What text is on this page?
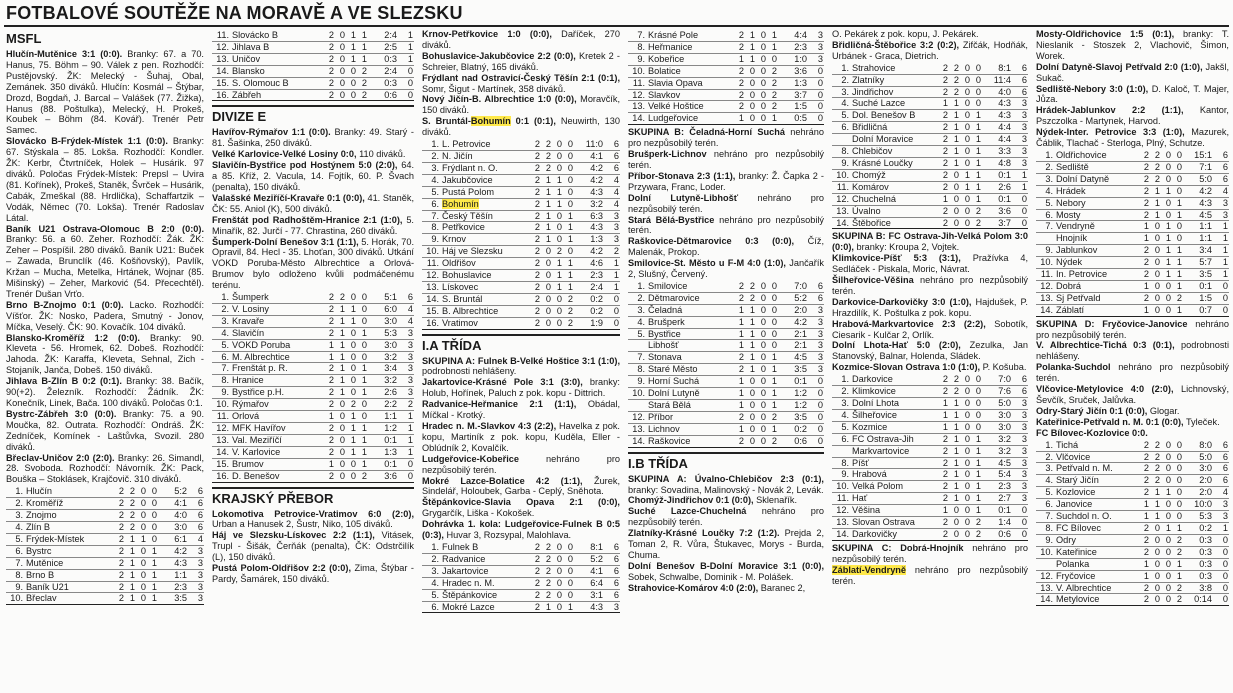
FOTBALOVÉ SOUTĚŽE NA MORAVĚ A VE SLEZSKU
MSFL

Hlučín-Mutěnice 3:1 (0:0). Branky: 67. a 70. Hanus, 75. Böhm – 90. Válek z pen. Rozhodčí: Pustějovský. ŽK: Melecký - Šuhaj, Obal, Zemánek. 350 diváků. Hlučín: Kosmál – Štýbar, Drozd, Bogdaň, J. Barcal – Valášek (77. Žižka), Hanus (88. Poštulka), Melecký, H. Prokeš, Koubek – Böhm (84. Kovář). Trenér Petr Samec.

Slovácko B-Frýdek-Místek 1:1 (0:0). Branky: 67. Stýskala – 85. Lokša. Rozhodčí: Kondler. ŽK: Kerbr, Čtvrtníček, Holek – Husárik. 97 diváků. Poločas Frýdek-Místek: Prepsl – Uvira (81. Kořínek), Prokeš, Staněk, Švrček – Husárik, Cabák, Zmeškal (88. Hrdlička), Schaffartzik – Vodák, Němec (70. Lokša). Trenér Radoslav Látal.

Baník U21 Ostrava-Olomouc B 2:0 (0:0). Branky: 56. a 60. Zeher. Rozhodčí: Žák. ŽK: Zeher – Pospíšil. 280 diváků. Baník U21: Buček – Zawada, Brunclík (46. Košňovský), Pavlík, Kržan – Mucha, Metelka, Hrtánek, Wojnar (85. Mišinský) – Zeher, Marković (54. Přecechtěl). Trenér Dušan Vrťo.

Brno B-Znojmo 0:1 (0:0). Lacko. Rozhodčí: Víšťor. ŽK: Nosko, Padera, Smutný - Jonov, Míčka, Veselý. ČK: 90. Kovačík. 104 diváků.

Blansko-Kroměříž 1:2 (0:0). Branky: 90. Kleveta - 56. Hromek, 62. Dobeš. Rozhodčí: Jahoda. ŽK: Karaffa, Kleveta, Sehnal, Zich - Stojaník, Janča, Dobeš. 150 diváků.

Jihlava B-Zlín B 0:2 (0:1). Branky: 38. Bačík, 90(+2). Železník. Rozhodčí: Žádník. ŽK: Konečník, Linek, Bača. 100 diváků. Poločas 0:1.

Bystrc-Zábřeh 3:0 (0:0). Branky: 75. a 90. Moučka, 82. Outrata. Rozhodčí: Ondráš. ŽK: Zedníček, Komínek - Laštůvka, Svozil. 280 diváků.

Břeclav-Uničov 2:0 (2:0). Branky: 26. Simandl, 28. Svoboda. Rozhodčí: Návorník. ŽK: Pack, Bouška – Stoklásek, Krajčovič. 310 diváků.

1.	Hlučín	2	2	0	0	5:2	6
2.	Kroměříž	2	2	0	0	4:1	6
3.	Znojmo	2	2	0	0	4:0	6
4.	Zlín B	2	2	0	0	3:0	6
5.	Frýdek-Místek	2	1	1	0	6:1	4
6.	Bystrc	2	1	0	1	4:2	3
7.	Mutěnice	2	1	0	1	4:3	3
8.	Brno B	2	1	0	1	1:1	3
9.	Baník U21	2	1	0	1	2:3	3
10.	Břeclav	2	1	0	1	3:5	3
11.	Slovácko B	2	0	1	1	2:4	1
12.	Jihlava B	2	0	1	1	2:5	1
13.	Uničov	2	0	1	1	0:3	1
14.	Blansko	2	0	0	2	2:4	0
15.	S. Olomouc B	2	0	0	2	0:3	0
16.	Zábřeh	2	0	0	2	0:6	0
DIVIZE E

Havířov-Rýmařov 1:1 (0:0). Branky: 49. Starý - 81. Šašinka, 250 diváků.

Velké Karlovice-Velké Losiny 0:0, 110 diváků.

Slavičín-Bystřice pod Hostýnem 5:0 (2:0), 64. a 85. Kříž, 2. Vacula, 14. Fojtík, 60. P. Švach (penalta), 150 diváků.

Valašské Meziříčí-Kravaře 0:1 (0:0), 41. Staněk, ČK: 55. Aniol (K), 500 diváků.

Frenštát pod Radhoštěm-Hranice 2:1 (1:0), 5. Minařík, 82. Jurčí - 77. Chrastina, 260 diváků.

Šumperk-Dolní Benešov 3:1 (1:1), 5. Horák, 70. Opravil, 84. Hecl - 35. Lhoťan, 300 diváků. Utkání VOKD Poruba-Město Albrechtice a Orlová-Brumov bylo odloženo kvůli podmáčenému terénu.

1.	Šumperk	2	2	0	0	5:1	6
2.	V. Losiny	2	1	1	0	6:0	4
3.	Kravaře	2	1	1	0	3:0	4
4.	Slavičín	2	1	0	1	5:3	3
5.	VOKD Poruba	1	1	0	0	3:0	3
6.	M. Albrechtice	1	1	0	0	3:2	3
7.	Frenštát p. R.	2	1	0	1	3:4	3
8.	Hranice	2	1	0	1	3:2	3
9.	Bystřice p.H.	2	1	0	1	2:6	3
10.	Rýmařov	2	0	2	0	2:2	2
11.	Orlová	1	0	1	0	1:1	1
12.	MFK Havířov	2	0	1	1	1:2	1
13.	Val. Meziříčí	2	0	1	1	0:1	1
14.	V. Karlovice	2	0	1	1	1:3	1
15.	Brumov	1	0	0	1	0:1	0
16.	D. Benešov	2	0	0	2	3:6	0
KRAJSKÝ PŘEBOR

Lokomotiva Petrovice-Vratimov 6:0 (2:0), Urban a Hanusek 2, Šustr, Niko, 105 diváků.

Háj ve Slezsku-Lískovec 2:2 (1:1), Vitásek, Trupl - Šišák, Čerňák (penalta), ČK: Odstrčilík (L), 150 diváků.

Pustá Polom-Oldřišov 2:2 (0:0), Zima, Štýbar - Pardy, Šamárek, 150 diváků.

Krnov-Petřkovice 1:0 (0:0), Daříček, 270 diváků.

Bohuslavice-Jakubčovice 2:2 (0:0), Kretek 2 - Schreier, Blatný, 165 diváků.

Frýdlant nad Ostravicí-Český Těšín 2:1 (0:1), Somr, Šigut - Martínek, 358 diváků.

Nový Jičín-B. Albrechtice 1:0 (0:0), Moravčík, 150 diváků.

S. Bruntál-Bohumín 0:1 (0:1), Neuwirth, 130 diváků.

1.	L. Petrovice	2	2	0	0	11:0	6
2.	N. Jičín	2	2	0	0	4:1	6
3.	Frýdlant n. O.	2	2	0	0	4:2	6
4.	Jakubčovice	2	1	1	0	4:2	4
5.	Pustá Polom	2	1	1	0	4:3	4
6.	Bohumín	2	1	1	0	3:2	4
7.	Český Těšín	2	1	0	1	6:3	3
8.	Petřkovice	2	1	0	1	4:3	3
9.	Krnov	2	1	0	1	1:3	3
10.	Háj ve Slezsku	2	0	2	0	4:2	2
11.	Oldřišov	2	0	1	1	4:6	1
12.	Bohuslavice	2	0	1	1	2:3	1
13.	Lískovec	2	0	1	1	2:4	1
14.	S. Bruntál	2	0	0	2	0:2	0
15.	B. Albrechtice	2	0	0	2	0:2	0
16.	Vratimov	2	0	0	2	1:9	0
I.A TŘÍDA

SKUPINA A: Fulnek B-Velké Hoštice 3:1 (1:0), podrobnosti nehlášeny.

Jakartovice-Krásné Pole 3:1 (3:0), branky: Holub, Hořínek, Paluch z pok. kopu - Dittrich.

Radvanice-Heřmanice 2:1 (1:1), Obádal, Míčkal - Krotký.

Hradec n. M.-Slavkov 4:3 (2:2), Havelka z pok. kopu, Martiník z pok. kopu, Kudělа, Eller - Oblúdník 2, Kovalčík.

Ludgeřovice-Kobeřice nehráno pro nezpůsobilý terén.

Mokré Lazce-Bolatice 4:2 (1:1), Žurek, Sindelář, Holoubek, Garba - Ceplý, Sněhota.

Štěpánkovice-Slavia Opava 2:1 (0:0), Grygarčík, Liška - Kokošek.

Dohrávka 1. kola: Ludgeřovice-Fulnek B 0:5 (0:3), Huvar 3, Rozsypal, Malohlava.

1.	Fulnek B	2	2	0	0	8:1	6
2.	Radvanice	2	2	0	0	5:2	6
3.	Jakartovice	2	2	0	0	4:1	6
4.	Hradec n. M.	2	2	0	0	6:4	6
5.	Štěpánkovice	2	2	0	0	3:1	6
6.	Mokré Lazce	2	1	0	1	4:3	3
7.	Krásné Pole	2	1	0	1	4:4	3
8.	Heřmanice	2	1	0	1	2:3	3
9.	Kobeřice	1	1	0	0	1:0	3
10.	Bolatice	2	0	0	2	3:6	0
11.	Slavia Opava	2	0	0	2	1:3	0
12.	Slavkov	2	0	0	2	3:7	0
13.	Velké Hoštice	2	0	0	2	1:5	0
14.	Ludgeřovice	1	0	0	1	0:5	0

SKUPINA B: Čeladná-Horní Suchá nehráno pro nezpůsobilý terén.

Brušperk-Lichnov nehráno pro nezpůsobilý terén.

Příbor-Stonava 2:3 (1:1), branky: Ž. Čapka 2 - Przywara, Franc, Loder.

Dolní Lutyně-Libhošť nehráno pro nezpůsobilý terén.

Stará Bělá-Bystřice nehráno pro nezpůsobilý terén.

Raškovice-Dětmarovice 0:3 (0:0), Číž, Malenák, Prokop.

Smilovice-St. Město u F-M 4:0 (1:0), Jančařík 2, Slušný, Červený.

1.	Smilovice	2	2	0	0	7:0	6
2.	Dětmarovice	2	2	0	0	5:2	6
3.	Čeladná	1	1	0	0	2:0	3
4.	Brušperk	1	1	0	0	4:2	3
5.	Bystřice	1	1	0	0	2:1	3
	Libhošť	1	1	0	0	2:1	3
7.	Stonava	2	1	0	1	4:5	3
8.	Staré Město	2	1	0	1	3:5	3
9.	Horní Suchá	1	0	0	1	0:1	0
10.	Dolní Lutyně	1	0	0	1	1:2	0
	Stará Bělá	1	0	0	1	1:2	0
12.	Příbor	2	0	0	2	3:5	0
13.	Lichnov	1	0	0	1	0:2	0
14.	Raškovice	2	0	0	2	0:6	0
I.B TŘÍDA

SKUPINA A: Úvalno-Chlebičov 2:3 (0:1), branky: Sovadina, Malinovský - Novák 2, Levák.

Chomýž-Jindřichov 0:1 (0:0), Sklenařík.

Suché Lazce-Chuchelná nehráno pro nezpůsobilý terén.

Zlatníky-Krásné Loučky 7:2 (1:2). Prejda 2, Toman 2, R. Vůra, Štukavec, Morys - Burda, Chuma.

Dolní Benešov B-Dolní Moravice 3:1 (0:0), Sobek, Schwalbe, Dominik - M. Polášek.

Strahovice-Komárov 4:0 (2:0), Baranec 2,

O. Pekárek z pok. kopu, J. Pekárek.

Břidličná-Štěbořice 3:2 (0:2), Zifčák, Hodňák, Urbánek - Graca, Dietrich.

1.	Strahovice	2	2	0	0	8:1	6
2.	Zlatníky	2	2	0	0	11:4	6
3.	Jindřichov	2	2	0	0	4:0	6
4.	Suché Lazce	1	1	0	0	4:3	3
5.	Dol. Benešov B	2	1	0	1	4:3	3
6.	Břidličná	2	1	0	1	4:4	3
	Dolní Moravice	2	1	0	1	4:4	3
8.	Chlebičov	2	1	0	1	3:3	3
9.	Krásné Loučky	2	1	0	1	4:8	3
10.	Chomýž	2	0	1	1	0:1	1
11.	Komárov	2	0	1	1	2:6	1
12.	Chuchelná	1	0	0	1	0:1	0
13.	Úvalno	2	0	0	2	3:6	0
14.	Štěbořice	2	0	0	2	3:7	0

SKUPINA B: FC Ostrava-Jih-Velká Polom 3:0 (0:0), branky: Kroupa 2, Vojtek.

Klimkovice-Píšť 5:3 (3:1), Pražívka 4, Sedláček - Piskala, Moric, Návrat.

Šilheřovice-Věšina nehráno pro nezpůsobilý terén.

Darkovice-Darkovičky 3:0 (1:0), Hajdušek, P. Hrazdilík, K. Poštulka z pok. kopu.

Hrabová-Markvartovice 2:3 (2:2), Sobotík, Ciesarik - Kulčar 2, Orlík.

Dolní Lhota-Hať 5:0 (2:0), Zezulka, Jan Stanovský, Balnar, Holenda, Sládek.

Kozmice-Slovan Ostrava 1:0 (1:0), P. Košuba.

1.	Darkovice	2	2	0	0	7:0	6
2.	Klimkovice	2	2	0	0	7:6	6
3.	Dolní Lhota	1	1	0	0	5:0	3
4.	Šilheřovice	1	1	0	0	3:0	3
5.	Kozmice	1	1	0	0	3:0	3
6.	FC Ostrava-Jih	2	1	0	1	3:2	3
	Markvartovice	2	1	0	1	3:2	3
8.	Píšť	2	1	0	1	4:5	3
9.	Hrabová	2	1	0	1	5:4	3
10.	Velká Polom	2	1	0	1	2:3	3
11.	Hať	2	1	0	1	2:7	3
12.	Věšina	1	0	0	1	0:1	0
13.	Slovan Ostrava	2	0	0	2	1:4	0
14.	Darkovičky	2	0	0	2	0:6	0

SKUPINA C: Dobrá-Hnojník nehráno pro nezpůsobilý terén.

Záblatí-Vendryně nehráno pro nezpůsobilý terén.

Mosty-Oldřichovice 1:5 (0:1), branky: T. Nieslanik - Stoszek 2, Vlachovič, Šimon, Worek.

Dolní Datyně-Slavoj Petřvald 2:0 (1:0), Jakšl, Sukač.

Sedliště-Nebory 3:0 (1:0), D. Kaloč, T. Majer, Jůza.

Hrádek-Jablunkov 2:2 (1:1), Kantor, Pszczolka - Martynek, Harvod.

Nýdek-Inter. Petrovice 3:3 (1:0), Mazurek, Čáblik, Tlachač - Sterloga, Plný, Schutze.

1.	Oldřichovice	2	2	0	0	15:1	6
2.	Sedliště	2	2	0	0	7:1	6
3.	Dolní Datyně	2	2	0	0	5:0	6
4.	Hrádek	2	1	1	0	4:2	4
5.	Nebory	2	1	0	1	4:3	3
6.	Mosty	2	1	0	1	4:5	3
7.	Vendryně	1	0	1	0	1:1	1
	Hnojník	1	0	1	0	1:1	1
9.	Jablunkov	2	0	1	1	3:4	1
10.	Nýdek	2	0	1	1	5:7	1
11.	In. Petrovice	2	0	1	1	3:5	1
12.	Dobrá	1	0	0	1	0:1	0
13.	Sj Petřvald	2	0	0	2	1:5	0
14.	Záblatí	1	0	0	1	0:7	0

SKUPINA D: Fryčovice-Janovice nehráno pro nezpůsobilý terén.

V. Albrechtice-Tichá 0:3 (0:1), podrobnosti nehlášeny.

Polanka-Suchdol nehráno pro nezpůsobilý terén.

Vlčovice-Metylovice 4:0 (2:0), Lichnovský, Ševčík, Sruček, Jalůvka.

Odry-Starý Jičín 0:1 (0:0), Glogar.

Kateřinice-Petřvald n. M. 0:1 (0:0), Tyleček.

FC Bílovec-Kozlovice 0:0.

1.	Tichá	2	2	0	0	8:0	6
2.	Vlčovice	2	2	0	0	5:0	6
3.	Petřvald n. M.	2	2	0	0	3:0	6
4.	Starý Jičín	2	2	0	0	2:0	6
5.	Kozlovice	2	1	1	0	2:0	4
6.	Janovice	1	1	0	0	10:0	3
7.	Suchdol n. O.	1	1	0	0	5:3	3
8.	FC Bílovec	2	0	1	1	0:2	1
9.	Odry	2	0	0	2	0:3	0
10.	Kateřinice	2	0	0	2	0:3	0
	Polanka	1	0	0	1	0:3	0
12.	Fryčovice	1	0	0	1	0:3	0
13.	V. Albrechtice	2	0	0	2	3:8	0
14.	Metylovice	2	0	0	2	0:14	0
